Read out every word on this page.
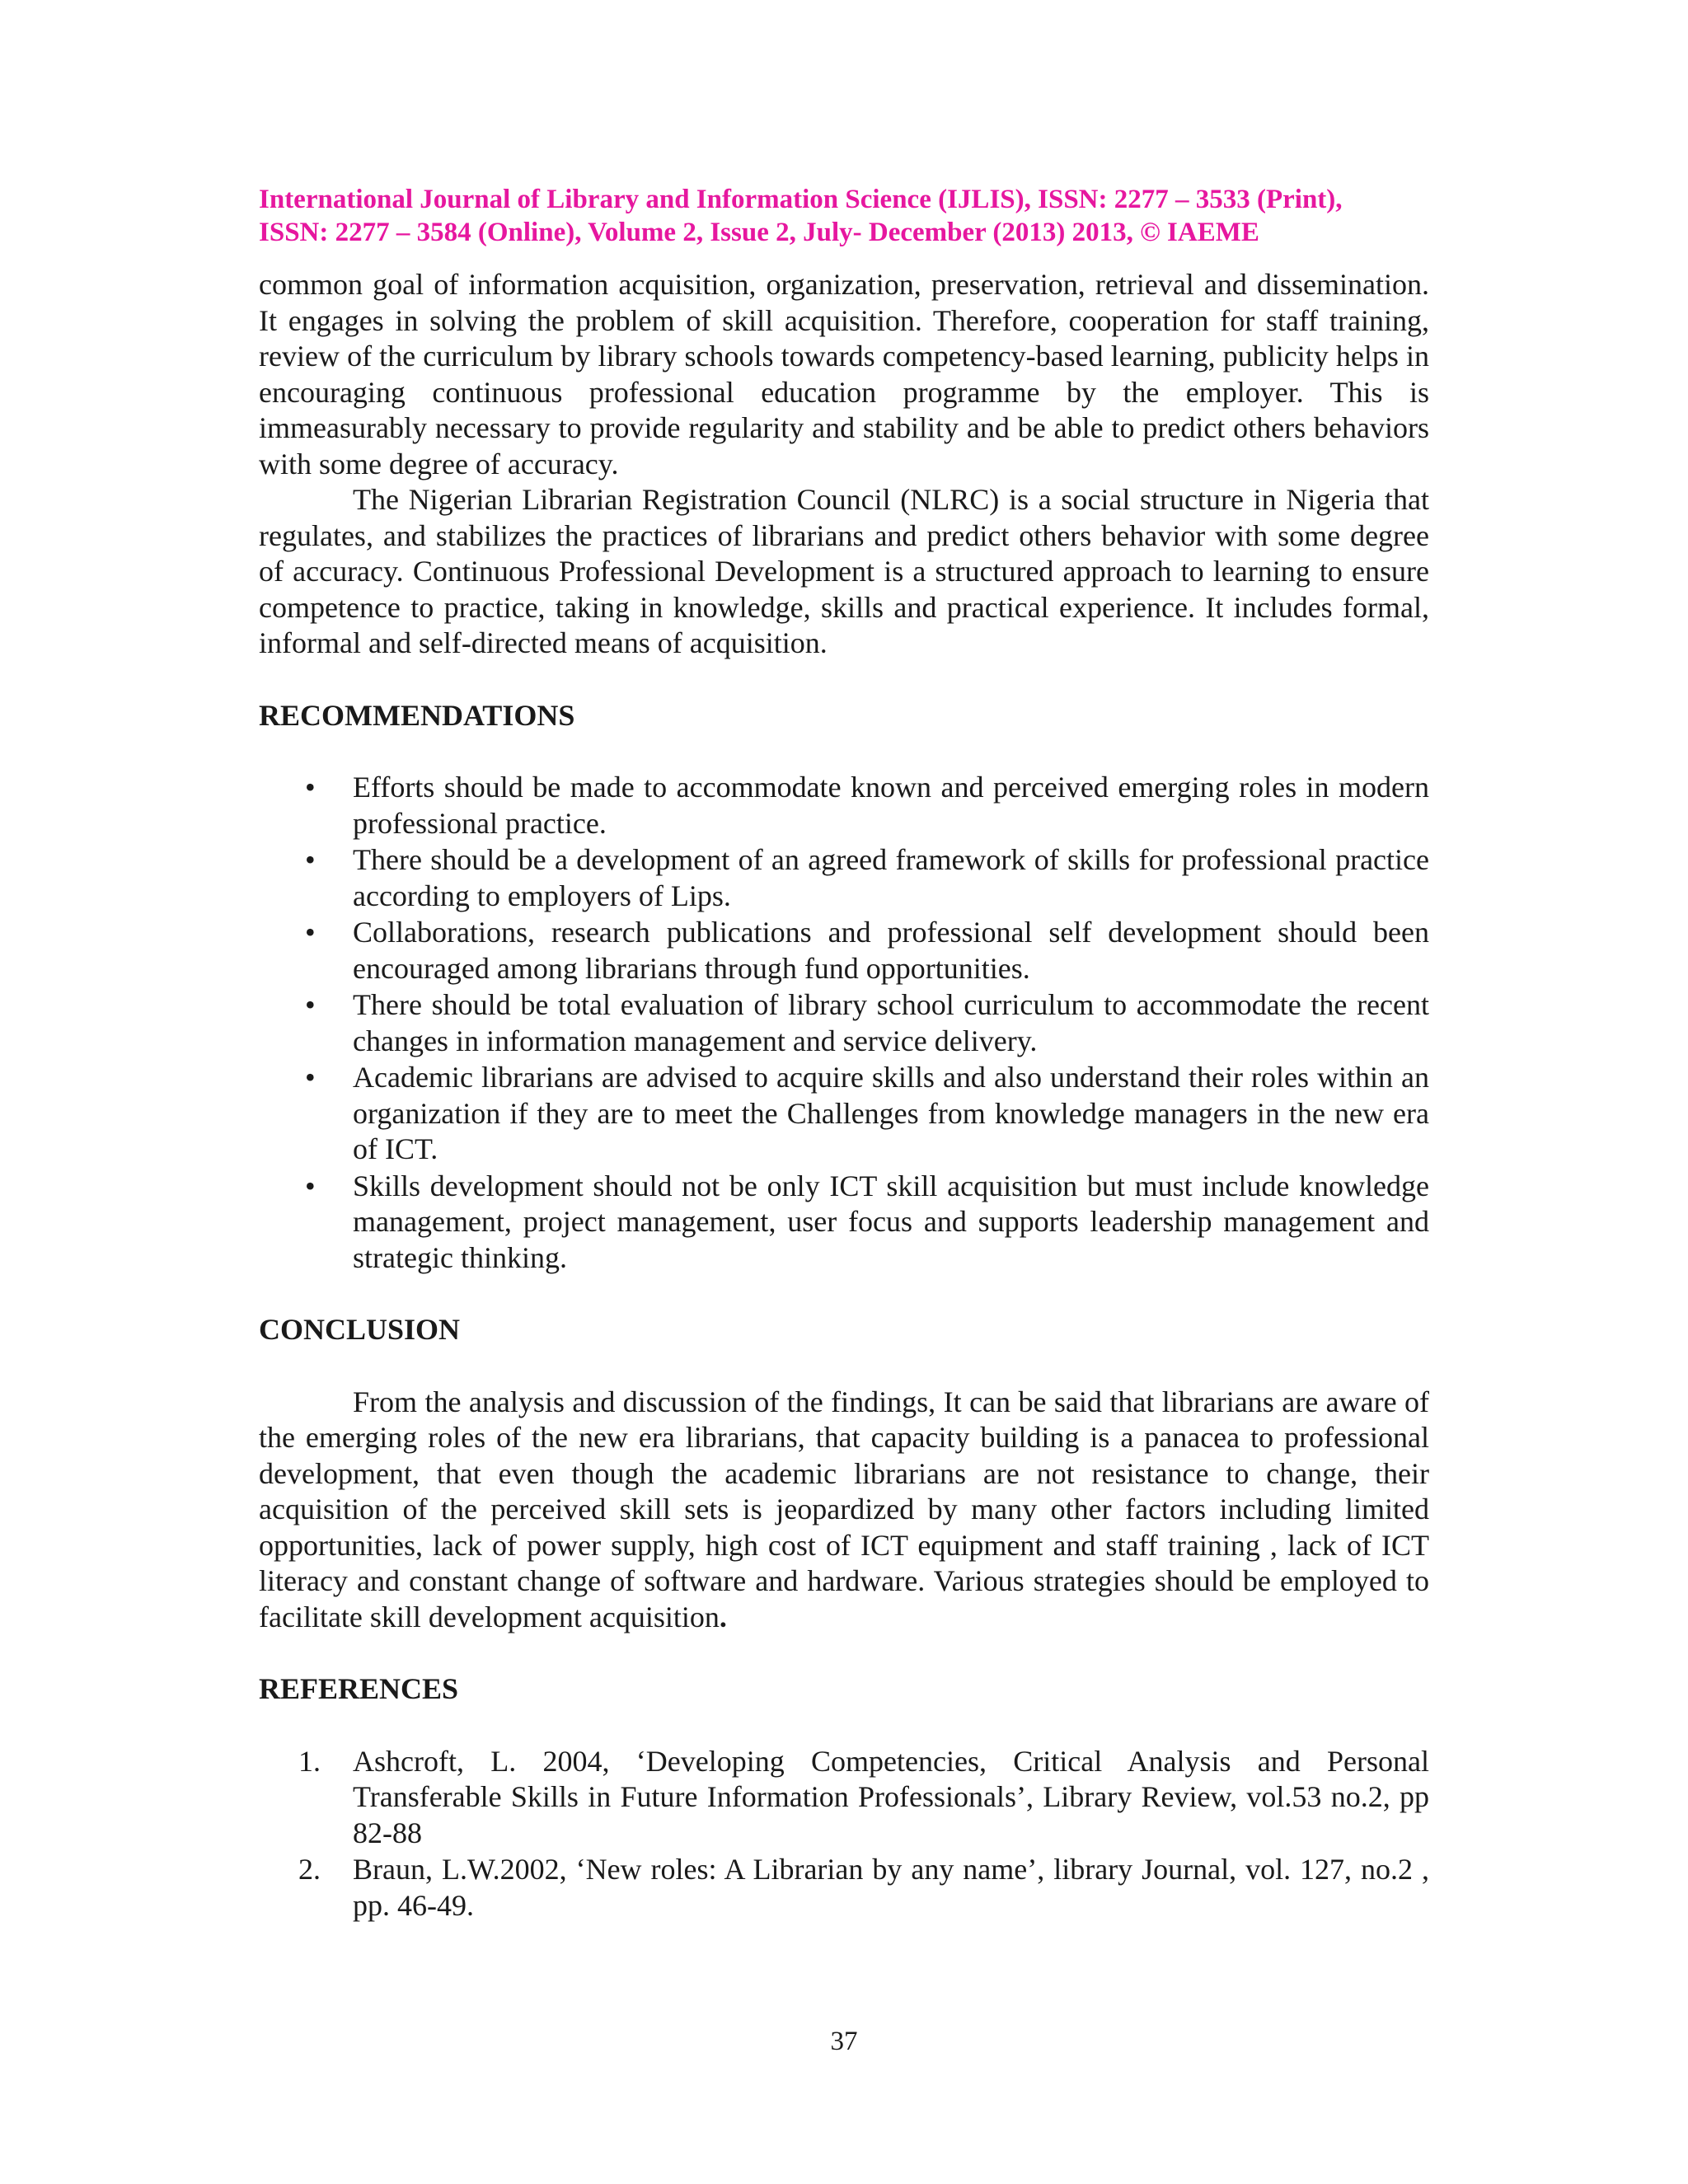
International Journal of Library and Information Science (IJLIS), ISSN: 2277 – 3533 (Print),
ISSN: 2277 – 3584 (Online), Volume 2, Issue 2, July- December (2013) 2013, © IAEME

common goal of information acquisition, organization, preservation, retrieval and dissemination. It engages in solving the problem of skill acquisition. Therefore, cooperation for staff training, review of the curriculum by library schools towards competency-based learning, publicity helps in encouraging continuous professional education programme by the employer. This is immeasurably necessary to provide regularity and stability and be able to predict others behaviors with some degree of accuracy.

The Nigerian Librarian Registration Council (NLRC) is a social structure in Nigeria that regulates, and stabilizes the practices of librarians and predict others behavior with some degree of accuracy. Continuous Professional Development is a structured approach to learning to ensure competence to practice, taking in knowledge, skills and practical experience. It includes formal, informal and self-directed means of acquisition.

RECOMMENDATIONS
•	Efforts should be made to accommodate known and perceived emerging roles in modern professional practice.
•	There should be a development of an agreed framework of skills for professional practice according to employers of Lips.
•	Collaborations, research publications and professional self development should been encouraged among librarians through fund opportunities.
•	There should be total evaluation of library school curriculum to accommodate the recent changes in information management and service delivery.
•	Academic librarians are advised to acquire skills and also understand their roles within an organization if they are to meet the Challenges from knowledge managers in the new era of ICT.
•	Skills development should not be only ICT skill acquisition but must include knowledge management, project management, user focus and supports leadership management and strategic thinking.
CONCLUSION

From the analysis and discussion of the findings, It can be said that librarians are aware of the emerging roles of the new era librarians, that capacity building is a panacea to professional development, that even though the academic librarians are not resistance to change, their acquisition of the perceived skill sets is jeopardized by many other factors including limited opportunities, lack of power supply, high cost of ICT equipment and staff training , lack of ICT literacy and constant change of software and hardware. Various strategies should be employed to facilitate skill development acquisition.

REFERENCES
1.	Ashcroft, L. 2004, ‘Developing Competencies, Critical Analysis and Personal Transferable Skills in Future Information Professionals’, Library Review, vol.53 no.2, pp 82-88
2.	Braun, L.W.2002, ‘New roles: A Librarian by any name’, library Journal, vol. 127, no.2 , pp. 46-49.
37
